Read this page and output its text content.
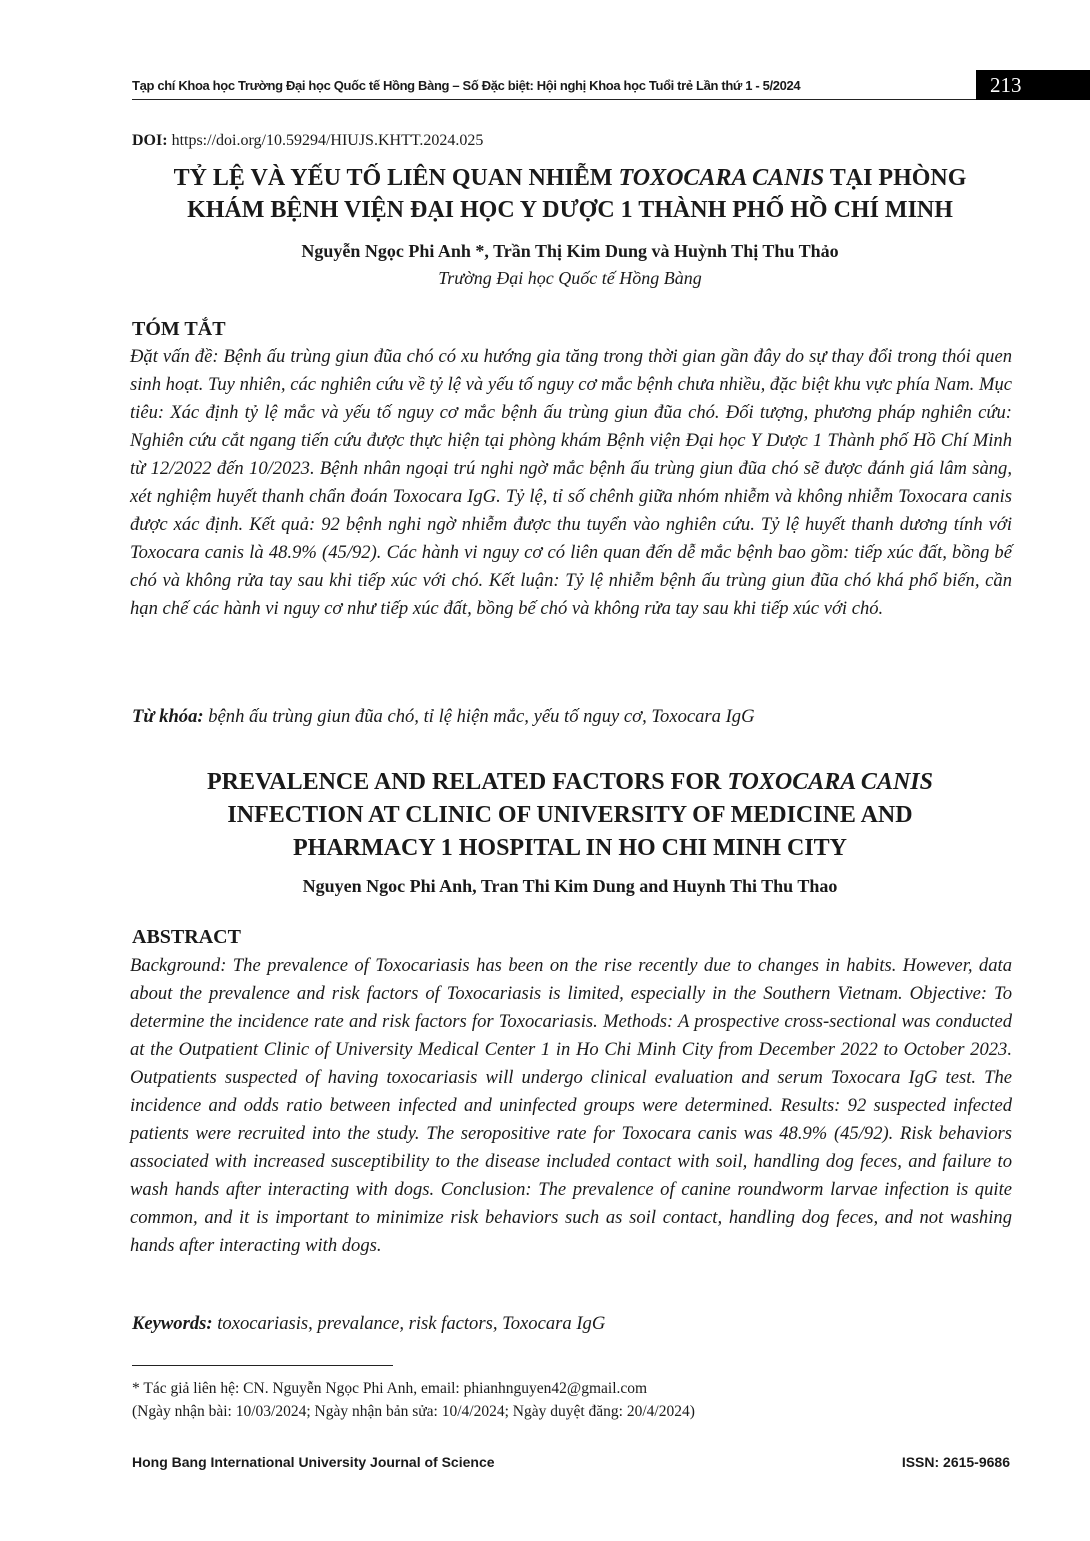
Tạp chí Khoa học Trường Đại học Quốc tế Hồng Bàng – Số Đặc biệt: Hội nghị Khoa học Tuổi trẻ Lần thứ 1 - 5/2024	213
DOI: https://doi.org/10.59294/HIUJS.KHTT.2024.025
TỶ LỆ VÀ YẾU TỐ LIÊN QUAN NHIỄM TOXOCARA CANIS TẠI PHÒNG
KHÁM BỆNH VIỆN ĐẠI HỌC Y DƯỢC 1 THÀNH PHỐ HỒ CHÍ MINH
Nguyễn Ngọc Phi Anh *, Trần Thị Kim Dung và Huỳnh Thị Thu Thảo
Trường Đại học Quốc tế Hồng Bàng
TÓM TẮT
Đặt vấn đề: Bệnh ấu trùng giun đũa chó có xu hướng gia tăng trong thời gian gần đây do sự thay đổi trong thói quen sinh hoạt. Tuy nhiên, các nghiên cứu về tỷ lệ và yếu tố nguy cơ mắc bệnh chưa nhiều, đặc biệt khu vực phía Nam. Mục tiêu: Xác định tỷ lệ mắc và yếu tố nguy cơ mắc bệnh ấu trùng giun đũa chó. Đối tượng, phương pháp nghiên cứu: Nghiên cứu cắt ngang tiến cứu được thực hiện tại phòng khám Bệnh viện Đại học Y Dược 1 Thành phố Hồ Chí Minh từ 12/2022 đến 10/2023. Bệnh nhân ngoại trú nghi ngờ mắc bệnh ấu trùng giun đũa chó sẽ được đánh giá lâm sàng, xét nghiệm huyết thanh chẩn đoán Toxocara IgG. Tỷ lệ, tỉ số chênh giữa nhóm nhiễm và không nhiễm Toxocara canis được xác định. Kết quả: 92 bệnh nghi ngờ nhiễm được thu tuyển vào nghiên cứu. Tỷ lệ huyết thanh dương tính với Toxocara canis là 48.9% (45/92). Các hành vi nguy cơ có liên quan đến dễ mắc bệnh bao gồm: tiếp xúc đất, bồng bế chó và không rửa tay sau khi tiếp xúc với chó. Kết luận: Tỷ lệ nhiễm bệnh ấu trùng giun đũa chó khá phổ biến, cần hạn chế các hành vi nguy cơ như tiếp xúc đất, bồng bế chó và không rửa tay sau khi tiếp xúc với chó.
Từ khóa: bệnh ấu trùng giun đũa chó, tỉ lệ hiện mắc, yếu tố nguy cơ, Toxocara IgG
PREVALENCE AND RELATED FACTORS FOR TOXOCARA CANIS
INFECTION AT CLINIC OF UNIVERSITY OF MEDICINE AND
PHARMACY 1 HOSPITAL IN HO CHI MINH CITY
Nguyen Ngoc Phi Anh, Tran Thi Kim Dung and Huynh Thi Thu Thao
ABSTRACT
Background: The prevalence of Toxocariasis has been on the rise recently due to changes in habits. However, data about the prevalence and risk factors of Toxocariasis is limited, especially in the Southern Vietnam. Objective: To determine the incidence rate and risk factors for Toxocariasis. Methods: A prospective cross-sectional was conducted at the Outpatient Clinic of University Medical Center 1 in Ho Chi Minh City from December 2022 to October 2023. Outpatients suspected of having toxocariasis will undergo clinical evaluation and serum Toxocara IgG test. The incidence and odds ratio between infected and uninfected groups were determined. Results: 92 suspected infected patients were recruited into the study. The seropositive rate for Toxocara canis was 48.9% (45/92). Risk behaviors associated with increased susceptibility to the disease included contact with soil, handling dog feces, and failure to wash hands after interacting with dogs. Conclusion: The prevalence of canine roundworm larvae infection is quite common, and it is important to minimize risk behaviors such as soil contact, handling dog feces, and not washing hands after interacting with dogs.
Keywords: toxocariasis, prevalance, risk factors, Toxocara IgG
* Tác giả liên hệ: CN. Nguyễn Ngọc Phi Anh, email: phianhnguyen42@gmail.com
(Ngày nhận bài: 10/03/2024; Ngày nhận bản sửa: 10/4/2024; Ngày duyệt đăng: 20/4/2024)
Hong Bang International University Journal of Science	ISSN: 2615-9686
